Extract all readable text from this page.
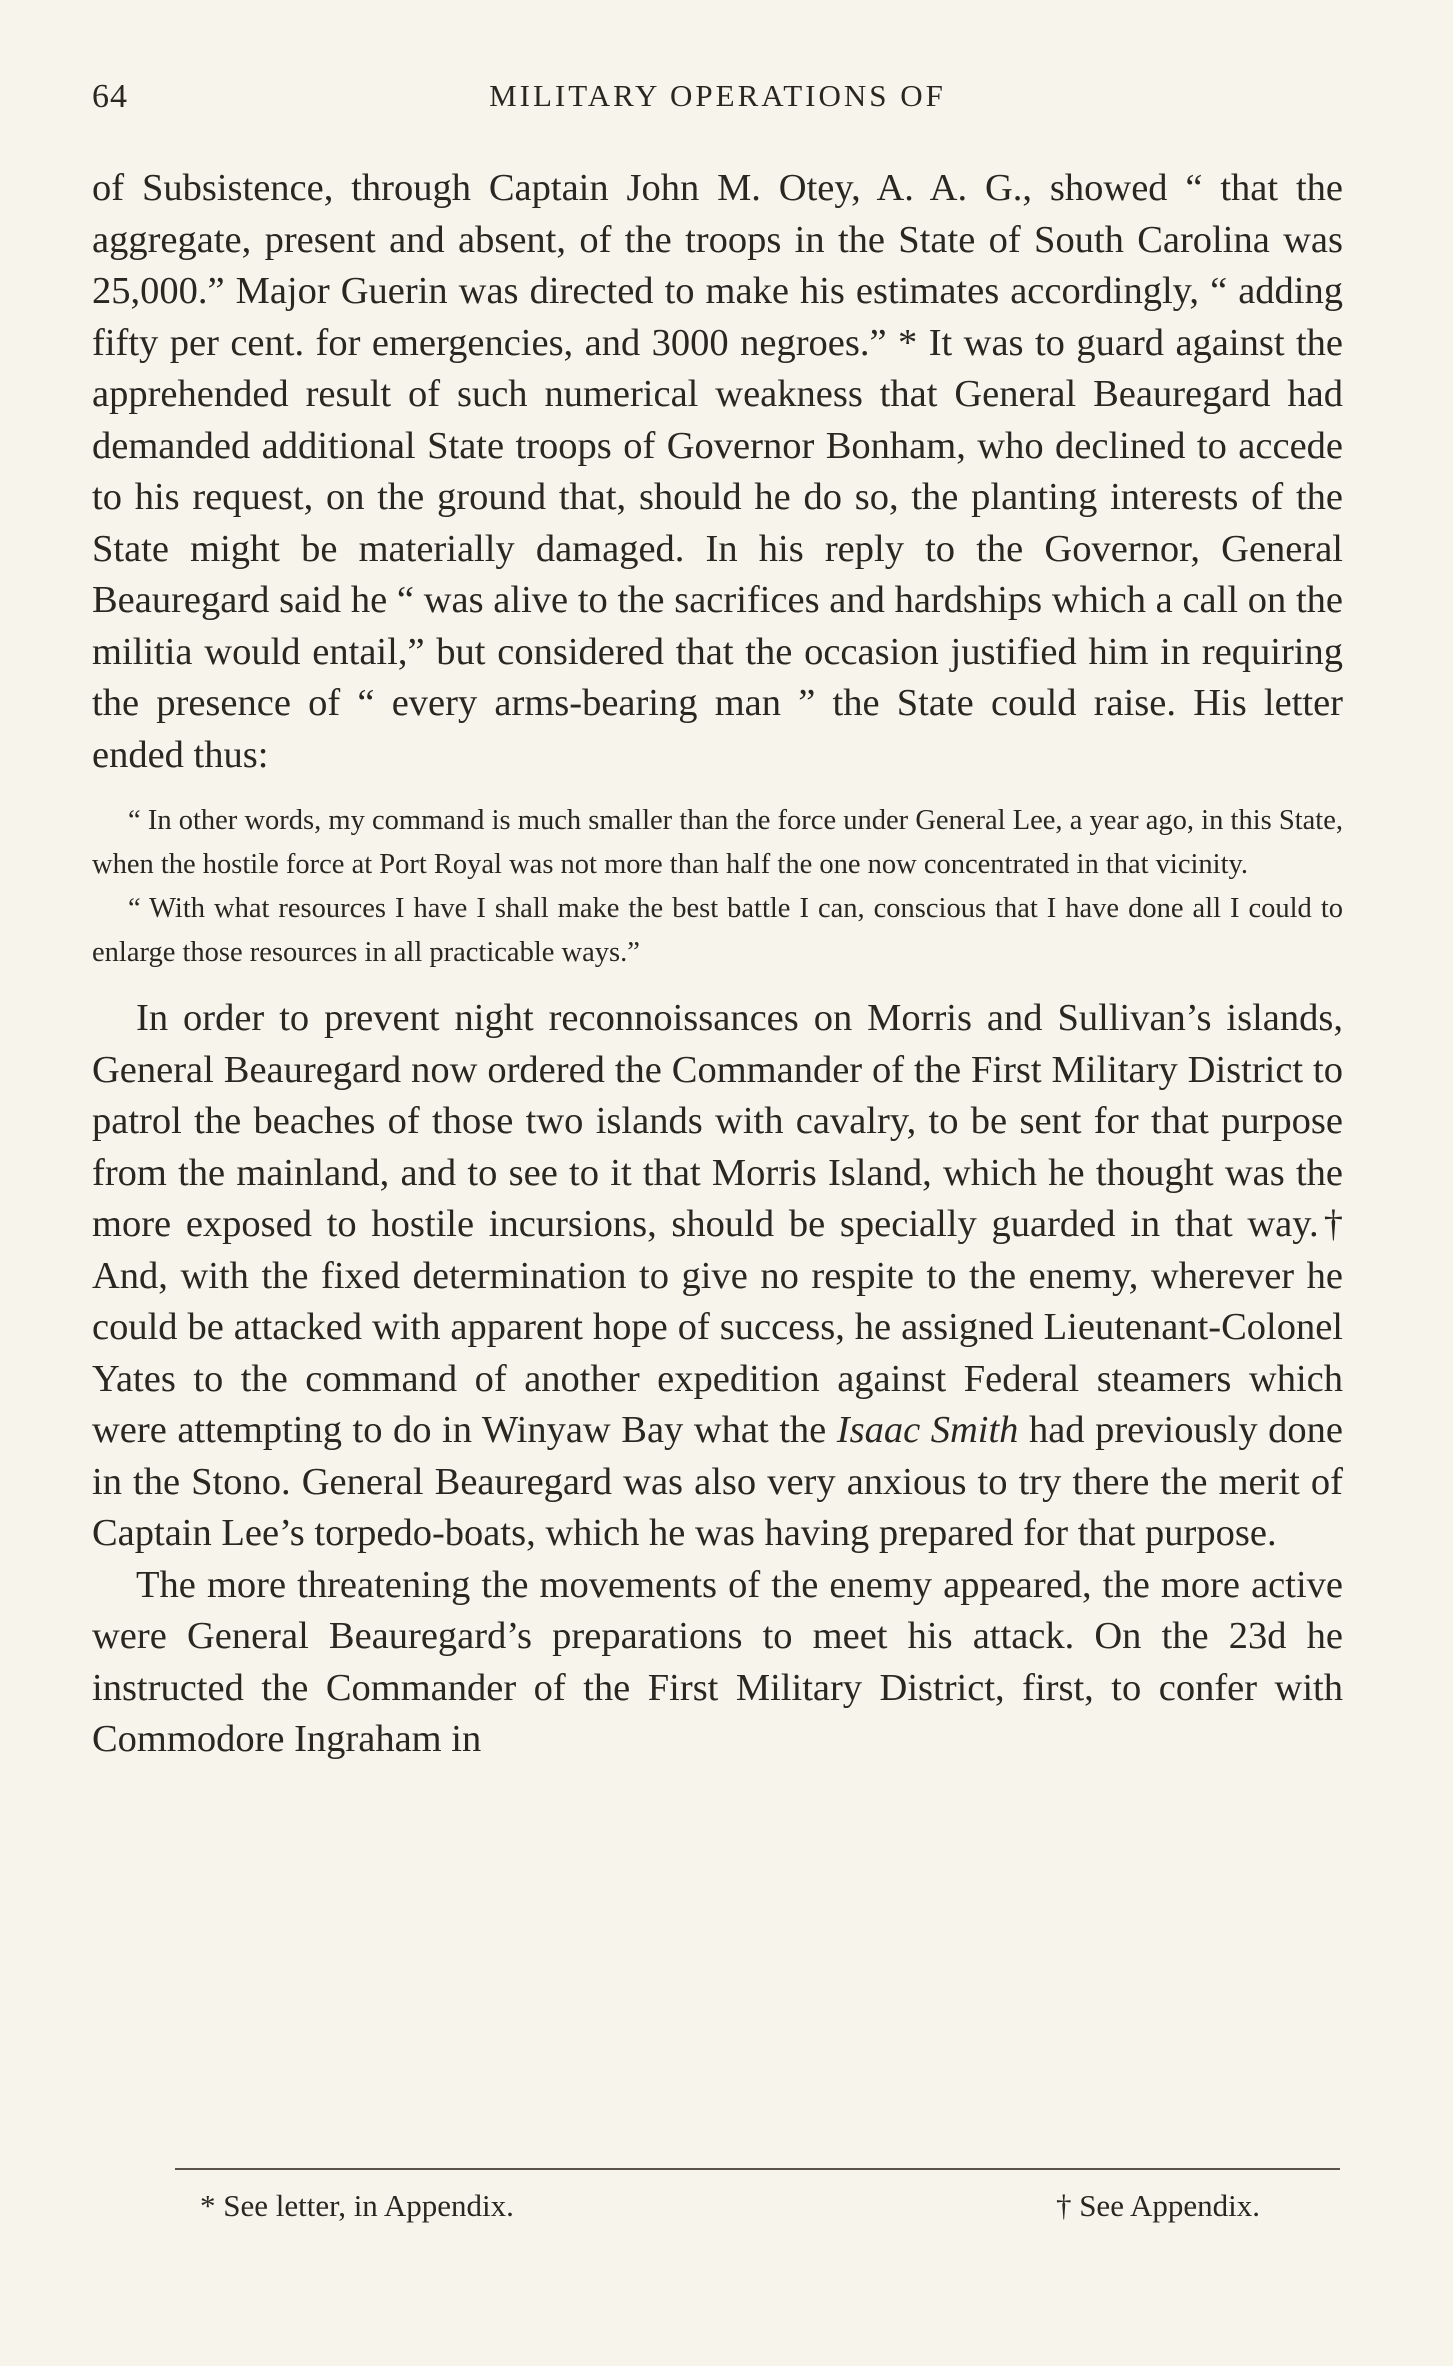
64	MILITARY OPERATIONS OF

of Subsistence, through Captain John M. Otey, A. A. G., showed “ that the aggregate, present and absent, of the troops in the State of South Carolina was 25,000.” Major Guerin was directed to make his estimates accordingly, “ adding fifty per cent. for emergencies, and 3000 negroes.” * It was to guard against the apprehended result of such numerical weakness that General Beauregard had demanded additional State troops of Governor Bonham, who declined to accede to his request, on the ground that, should he do so, the planting interests of the State might be materially damaged. In his reply to the Governor, General Beauregard said he “ was alive to the sacrifices and hardships which a call on the militia would entail,” but considered that the occasion justified him in requiring the presence of “ every arms-bearing man ” the State could raise. His letter ended thus:

“ In other words, my command is much smaller than the force under General Lee, a year ago, in this State, when the hostile force at Port Royal was not more than half the one now concentrated in that vicinity.

“ With what resources I have I shall make the best battle I can, conscious that I have done all I could to enlarge those resources in all practicable ways.”

In order to prevent night reconnoissances on Morris and Sullivan’s islands, General Beauregard now ordered the Commander of the First Military District to patrol the beaches of those two islands with cavalry, to be sent for that purpose from the mainland, and to see to it that Morris Island, which he thought was the more exposed to hostile incursions, should be specially guarded in that way.† And, with the fixed determination to give no respite to the enemy, wherever he could be attacked with apparent hope of success, he assigned Lieutenant-Colonel Yates to the command of another expedition against Federal steamers which were attempting to do in Winyaw Bay what the Isaac Smith had previously done in the Stono. General Beauregard was also very anxious to try there the merit of Captain Lee’s torpedo-boats, which he was having prepared for that purpose.

The more threatening the movements of the enemy appeared, the more active were General Beauregard’s preparations to meet his attack. On the 23d he instructed the Commander of the First Military District, first, to confer with Commodore Ingraham in

* See letter, in Appendix.	† See Appendix.
